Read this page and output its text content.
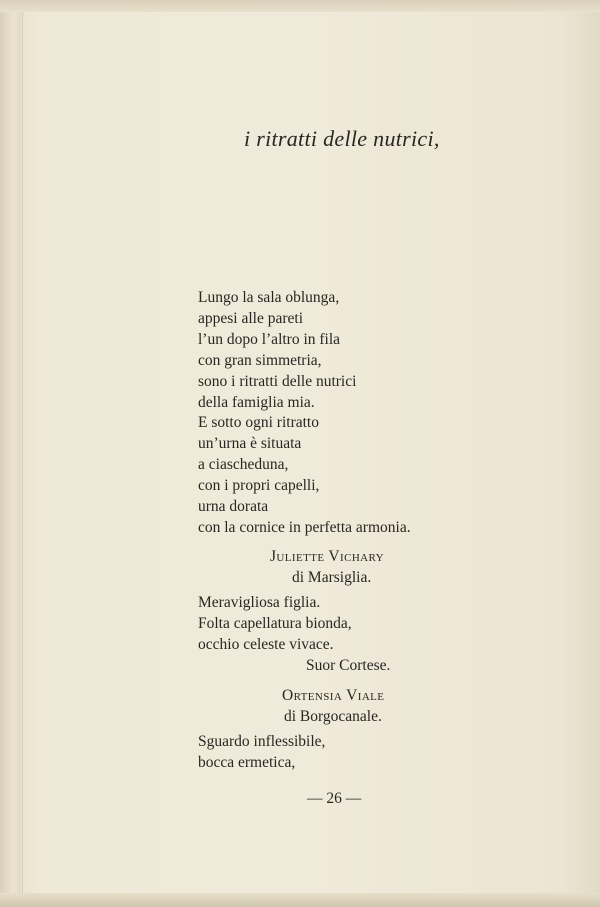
i ritratti delle nutrici,
Lungo la sala oblunga,
appesi alle pareti
l’un dopo l’altro in fila
con gran simmetria,
sono i ritratti delle nutrici
della famiglia mia.
E sotto ogni ritratto
un’urna è situata
a ciascheduna,
con i propri capelli,
urna dorata
con la cornice in perfetta armonia.
Juliette Vichary
di Marsiglia.
Meravigliosa figlia.
Folta capellatura bionda,
occhio celeste vivace.
Suor Cortese.
Ortensia Viale
di Borgocanale.
Sguardo inflessibile,
bocca ermetica,
— 26 —
